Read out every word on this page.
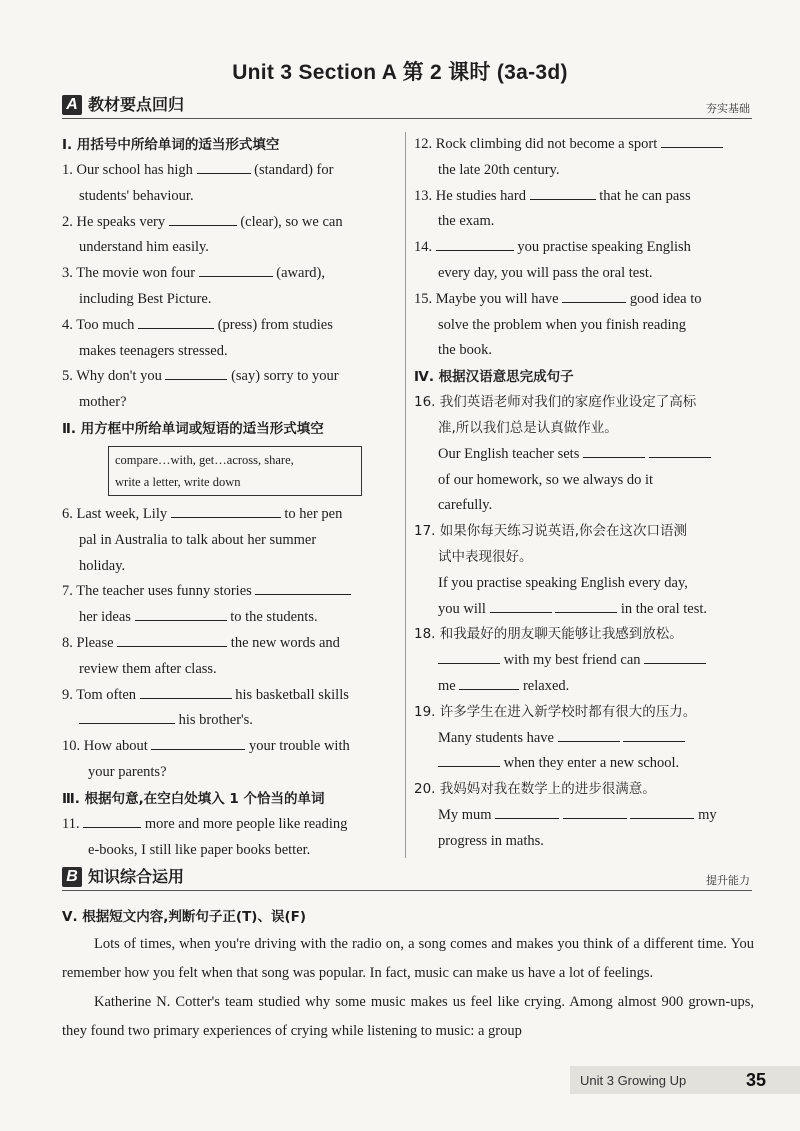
Unit 3 Section A 第 2 课时 (3a-3d)
A 教材要点回归	夯实基础

Ⅰ. 用括号中所给单词的适当形式填空

1. Our school has high	(standard) for
students' behaviour.
2. He speaks very	(clear), so we can
understand him easily.
3. The movie won four	(award),
including Best Picture.
4. Too much	(press) from studies
makes teenagers stressed.
5. Why don't you	(say) sorry to your
mother?

Ⅱ. 用方框中所给单词或短语的适当形式填空

compare…with, get…across, share,
write a letter, write down
6. Last week, Lily	to her pen
pal in Australia to talk about her summer
holiday.
7. The teacher uses funny stories
her ideas	to the students.
8. Please	the new words and
review them after class.
9. Tom often	his basketball skills
his brother's.
10. How about	your trouble with
your parents?

Ⅲ. 根据句意,在空白处填入 1 个恰当的单词

11.	more and more people like reading
e-books, I still like paper books better.
12. Rock climbing did not become a sport
the late 20th century.
13. He studies hard	that he can pass
the exam.
14.	you practise speaking English
every day, you will pass the oral test.
15. Maybe you will have	good idea to
solve the problem when you finish reading
the book.

Ⅳ. 根据汉语意思完成句子

16. 我们英语老师对我们的家庭作业设定了高标
准,所以我们总是认真做作业。
Our English teacher sets
of our homework, so we always do it
carefully.
17. 如果你每天练习说英语,你会在这次口语测
试中表现很好。
If you practise speaking English every day,
you will	in the oral test.
18. 和我最好的朋友聊天能够让我感到放松。
with my best friend can
me	relaxed.
19. 许多学生在进入新学校时都有很大的压力。
Many students have
when they enter a new school.
20. 我妈妈对我在数学上的进步很满意。
My mum	my
progress in maths.
B 知识综合运用	提升能力

Ⅴ. 根据短文内容,判断句子正(T)、误(F)

Lots of times, when you're driving with the radio on, a song comes and makes you think of a different time. You remember how you felt when that song was popular. In fact, music can make us have a lot of feelings.

Katherine N. Cotter's team studied why some music makes us feel like crying. Among almost 900 grown-ups, they found two primary experiences of crying while listening to music: a group

Unit 3 Growing Up	35
